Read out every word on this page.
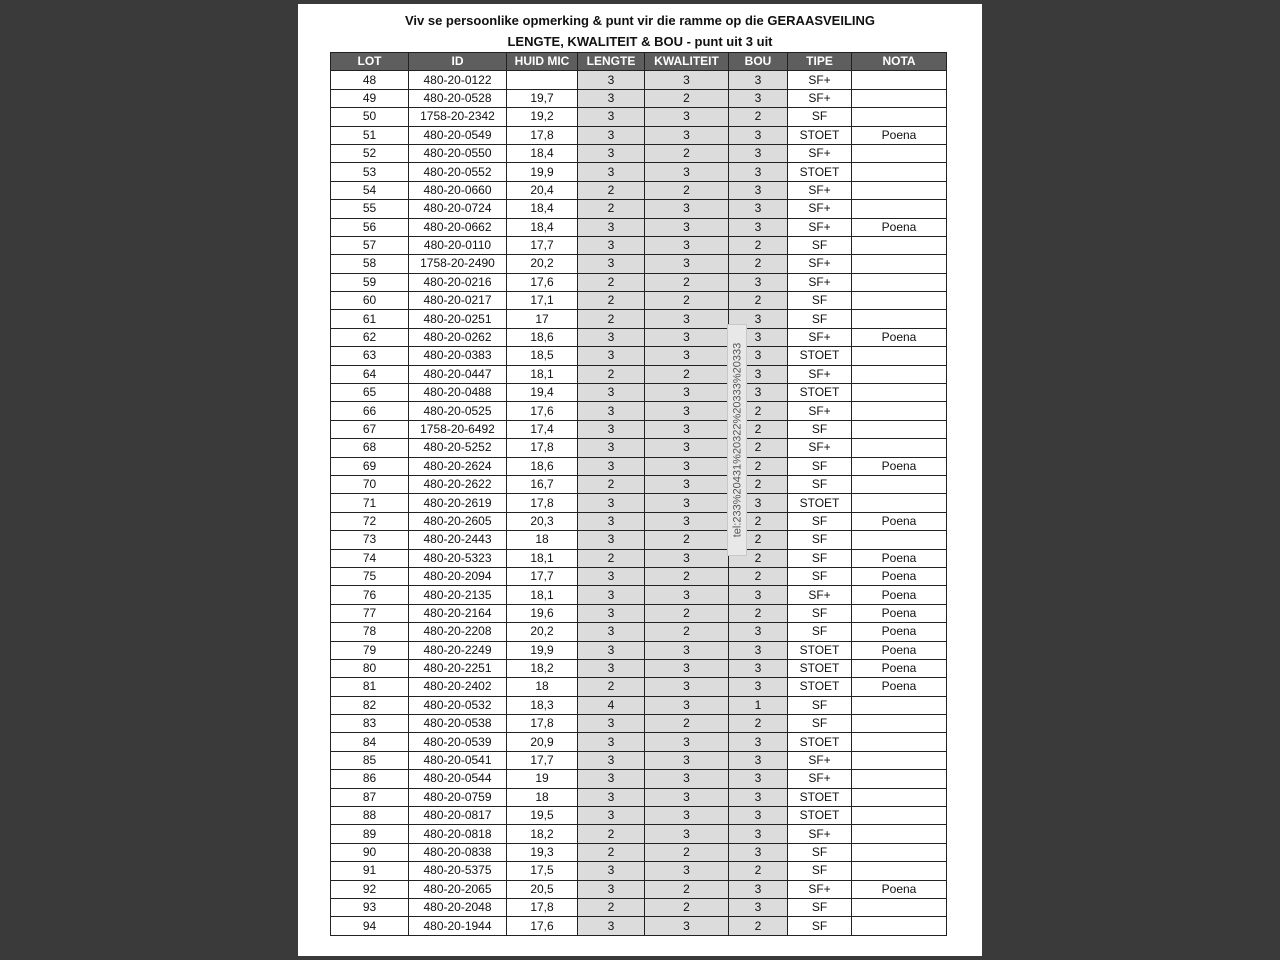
Viv se persoonlike opmerking & punt vir die ramme op die GERAASVEILING
LENGTE, KWALITEIT & BOU - punt uit 3 uit
LOT	ID	HUID MIC	LENGTE	KWALITEIT	BOU	TIPE	NOTA
48	480-20-0122		3	3	3	SF+	
49	480-20-0528	19,7	3	2	3	SF+	
50	1758-20-2342	19,2	3	3	2	SF	
51	480-20-0549	17,8	3	3	3	STOET	Poena
52	480-20-0550	18,4	3	2	3	SF+	
53	480-20-0552	19,9	3	3	3	STOET	
54	480-20-0660	20,4	2	2	3	SF+	
55	480-20-0724	18,4	2	3	3	SF+	
56	480-20-0662	18,4	3	3	3	SF+	Poena
57	480-20-0110	17,7	3	3	2	SF	
58	1758-20-2490	20,2	3	3	2	SF+	
59	480-20-0216	17,6	2	2	3	SF+	
60	480-20-0217	17,1	2	2	2	SF	
61	480-20-0251	17	2	3	3	SF	
62	480-20-0262	18,6	3	3	3	SF+	Poena
63	480-20-0383	18,5	3	3	3	STOET	
64	480-20-0447	18,1	2	2	3	SF+	
65	480-20-0488	19,4	3	3	3	STOET	
66	480-20-0525	17,6	3	3	2	SF+	
67	1758-20-6492	17,4	3	3	2	SF	
68	480-20-5252	17,8	3	3	2	SF+	
69	480-20-2624	18,6	3	3	2	SF	Poena
70	480-20-2622	16,7	2	3	2	SF	
71	480-20-2619	17,8	3	3	3	STOET	
72	480-20-2605	20,3	3	3	2	SF	Poena
73	480-20-2443	18	3	2	2	SF	
74	480-20-5323	18,1	2	3	2	SF	Poena
75	480-20-2094	17,7	3	2	2	SF	Poena
76	480-20-2135	18,1	3	3	3	SF+	Poena
77	480-20-2164	19,6	3	2	2	SF	Poena
78	480-20-2208	20,2	3	2	3	SF	Poena
79	480-20-2249	19,9	3	3	3	STOET	Poena
80	480-20-2251	18,2	3	3	3	STOET	Poena
81	480-20-2402	18	2	3	3	STOET	Poena
82	480-20-0532	18,3	4	3	1	SF	
83	480-20-0538	17,8	3	2	2	SF	
84	480-20-0539	20,9	3	3	3	STOET	
85	480-20-0541	17,7	3	3	3	SF+	
86	480-20-0544	19	3	3	3	SF+	
87	480-20-0759	18	3	3	3	STOET	
88	480-20-0817	19,5	3	3	3	STOET	
89	480-20-0818	18,2	2	3	3	SF+	
90	480-20-0838	19,3	2	2	3	SF	
91	480-20-5375	17,5	3	3	2	SF	
92	480-20-2065	20,5	3	2	3	SF+	Poena
93	480-20-2048	17,8	2	2	3	SF	
94	480-20-1944	17,6	3	3	2	SF	
tel:233%20431%20322%20333%20333
